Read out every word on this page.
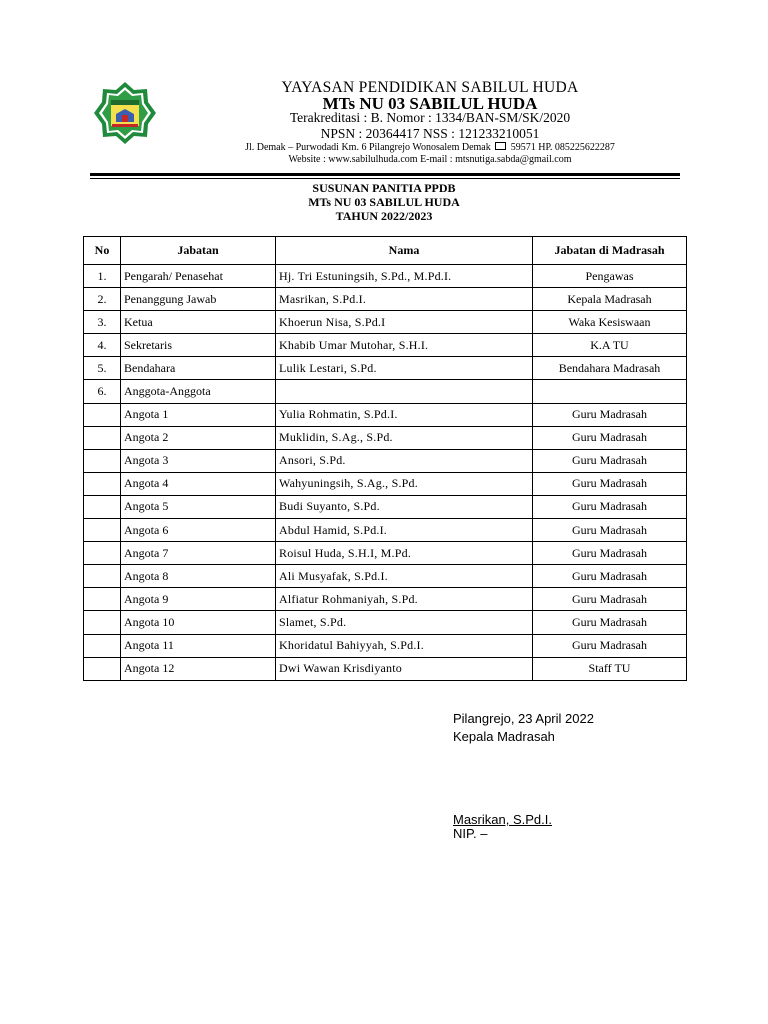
YAYASAN PENDIDIKAN SABILUL HUDA
MTs NU 03 SABILUL HUDA
Terakreditasi : B. Nomor : 1334/BAN-SM/SK/2020
NPSN : 20364417 NSS : 121233210051
Jl. Demak – Purwodadi Km. 6 Pilangrejo Wonosalem Demak 59571 HP. 085225622287
Website : www.sabilulhuda.com E-mail : mtsnutiga.sabda@gmail.com
SUSUNAN PANITIA PPDB
MTs NU 03 SABILUL HUDA
TAHUN 2022/2023
No	Jabatan	Nama	Jabatan di Madrasah
1.	Pengarah/ Penasehat	Hj. Tri Estuningsih, S.Pd., M.Pd.I.	Pengawas
2.	Penanggung Jawab	Masrikan, S.Pd.I.	Kepala Madrasah
3.	Ketua	Khoerun Nisa, S.Pd.I	Waka Kesiswaan
4.	Sekretaris	Khabib Umar Mutohar, S.H.I.	K.A TU
5.	Bendahara	Lulik Lestari, S.Pd.	Bendahara Madrasah
6.	Anggota-Anggota		
	Angota 1	Yulia Rohmatin, S.Pd.I.	Guru Madrasah
	Angota 2	Muklidin, S.Ag., S.Pd.	Guru Madrasah
	Angota 3	Ansori, S.Pd.	Guru Madrasah
	Angota 4	Wahyuningsih, S.Ag., S.Pd.	Guru Madrasah
	Angota 5	Budi Suyanto, S.Pd.	Guru Madrasah
	Angota 6	Abdul Hamid, S.Pd.I.	Guru Madrasah
	Angota 7	Roisul Huda, S.H.I, M.Pd.	Guru Madrasah
	Angota 8	Ali Musyafak, S.Pd.I.	Guru Madrasah
	Angota 9	Alfiatur Rohmaniyah, S.Pd.	Guru Madrasah
	Angota 10	Slamet, S.Pd.	Guru Madrasah
	Angota 11	Khoridatul Bahiyyah, S.Pd.I.	Guru Madrasah
	Angota 12	Dwi Wawan Krisdiyanto	Staff TU
Pilangrejo, 23 April 2022
Kepala Madrasah
Masrikan, S.Pd.I.
NIP. –
